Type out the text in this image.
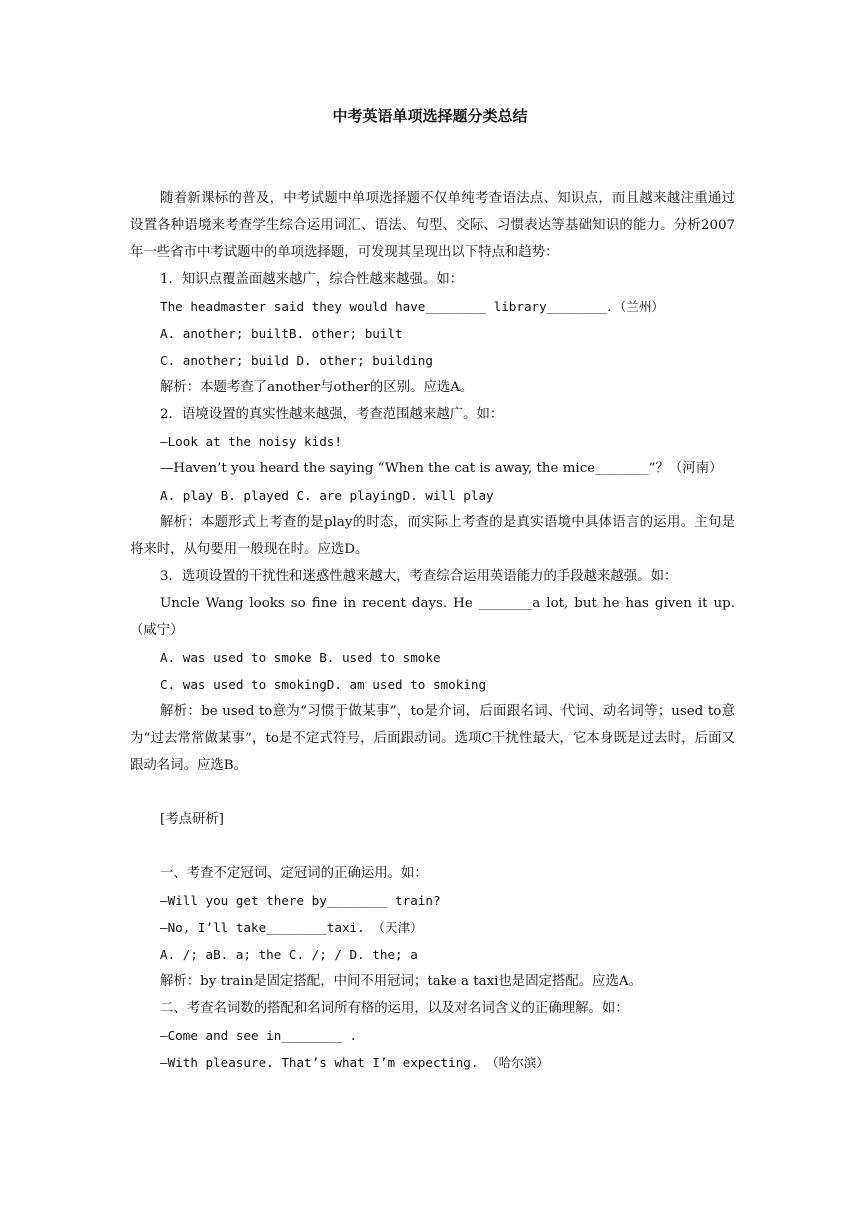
中考英语单项选择题分类总结

随着新课标的普及，中考试题中单项选择题不仅单纯考查语法点、知识点，而且越来越注重通过设置各种语境来考查学生综合运用词汇、语法、句型、交际、习惯表达等基础知识的能力。分析2007年一些省市中考试题中的单项选择题，可发现其呈现出以下特点和趋势：

1．知识点覆盖面越来越广，综合性越来越强。如：

The headmaster said they would have________ library________．（兰州）

A. another; builtB. other; built

C. another; build D. other; building

解析：本题考查了another与other的区别。应选A。

2．语境设置的真实性越来越强，考查范围越来越广。如：

—Look at the noisy kids!

—Haven’t you heard the saying “When the cat is away, the mice________”？（河南）

A. play B. played C. are playingD. will play

解析：本题形式上考查的是play的时态，而实际上考查的是真实语境中具体语言的运用。主句是将来时，从句要用一般现在时。应选D。

3．选项设置的干扰性和迷惑性越来越大，考查综合运用英语能力的手段越来越强。如：

Uncle Wang looks so fine in recent days. He ________a lot, but he has given it up. （咸宁）

A. was used to smoke B. used to smoke

C. was used to smokingD. am used to smoking

解析：be used to意为“习惯于做某事”，to是介词，后面跟名词、代词、动名词等；used to意为“过去常常做某事”，to是不定式符号，后面跟动词。选项C干扰性最大，它本身既是过去时，后面又跟动名词。应选B。

[考点研析]

一、考查不定冠词、定冠词的正确运用。如：

—Will you get there by________ train?

—No, I’ll take________taxi. （天津）

A. /; aB. a; the C. /; / D. the; a

解析：by train是固定搭配，中间不用冠词；take a taxi也是固定搭配。应选A。

二、考查名词数的搭配和名词所有格的运用，以及对名词含义的正确理解。如：

—Come and see in________ .

—With pleasure. That’s what I’m expecting. （哈尔滨）
